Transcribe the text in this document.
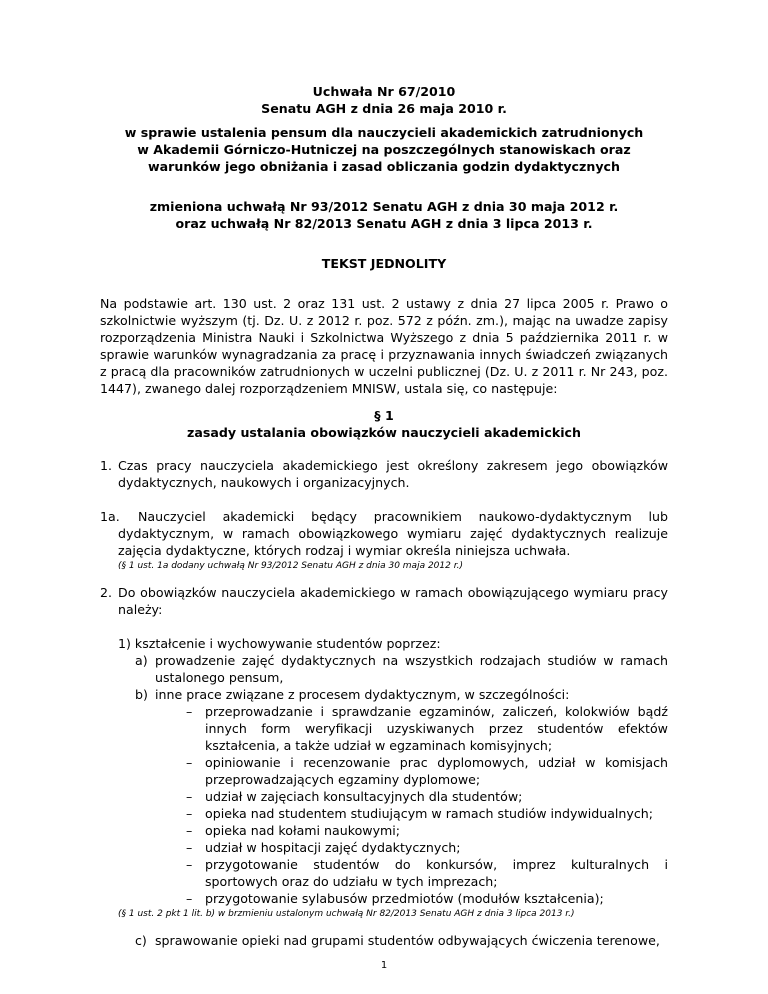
Uchwała Nr 67/2010
Senatu AGH z dnia 26 maja 2010 r.
w sprawie ustalenia pensum dla nauczycieli akademickich zatrudnionych
w Akademii Górniczo-Hutniczej na poszczególnych stanowiskach oraz
warunków jego obniżania i zasad obliczania godzin dydaktycznych
zmieniona uchwałą Nr 93/2012 Senatu AGH z dnia 30 maja 2012 r.
oraz uchwałą Nr 82/2013 Senatu AGH z dnia 3 lipca 2013 r.
TEKST JEDNOLITY
Na podstawie art. 130 ust. 2 oraz 131 ust. 2 ustawy z dnia 27 lipca 2005 r. Prawo o szkolnictwie wyższym (tj. Dz. U. z 2012 r. poz. 572 z późn. zm.), mając na uwadze zapisy rozporządzenia Ministra Nauki i Szkolnictwa Wyższego z dnia 5 października 2011 r. w sprawie warunków wynagradzania za pracę i przyznawania innych świadczeń związanych z pracą dla pracowników zatrudnionych w uczelni publicznej (Dz. U. z 2011 r. Nr 243, poz. 1447), zwanego dalej rozporządzeniem MNISW, ustala się, co następuje:
§ 1
zasady ustalania obowiązków nauczycieli akademickich
1. Czas pracy nauczyciela akademickiego jest określony zakresem jego obowiązków dydaktycznych, naukowych i organizacyjnych.
1a.	Nauczyciel akademicki będący pracownikiem naukowo-dydaktycznym lub dydaktycznym, w ramach obowiązkowego wymiaru zajęć dydaktycznych realizuje zajęcia dydaktyczne, których rodzaj i wymiar określa niniejsza uchwała.
(§ 1 ust. 1a dodany uchwałą Nr 93/2012 Senatu AGH z dnia 30 maja 2012 r.)
2. Do obowiązków nauczyciela akademickiego w ramach obowiązującego wymiaru pracy należy:
1) kształcenie i wychowywanie studentów poprzez:
a) prowadzenie zajęć dydaktycznych na wszystkich rodzajach studiów w ramach ustalonego pensum,
b) inne prace związane z procesem dydaktycznym, w szczególności:
– przeprowadzanie i sprawdzanie egzaminów, zaliczeń, kolokwiów bądź innych form weryfikacji uzyskiwanych przez studentów efektów kształcenia, a także udział w egzaminach komisyjnych;
– opiniowanie i recenzowanie prac dyplomowych, udział w komisjach przeprowadzających egzaminy dyplomowe;
– udział w zajęciach konsultacyjnych dla studentów;
– opieka nad studentem studiującym w ramach studiów indywidualnych;
– opieka nad kołami naukowymi;
– udział w hospitacji zajęć dydaktycznych;
– przygotowanie studentów do konkursów, imprez kulturalnych i sportowych oraz do udziału w tych imprezach;
– przygotowanie sylabusów przedmiotów (modułów kształcenia);
(§ 1 ust. 2 pkt 1 lit. b) w brzmieniu ustalonym uchwałą Nr 82/2013 Senatu AGH z dnia 3 lipca 2013 r.)
c) sprawowanie opieki nad grupami studentów odbywających ćwiczenia terenowe,
1
